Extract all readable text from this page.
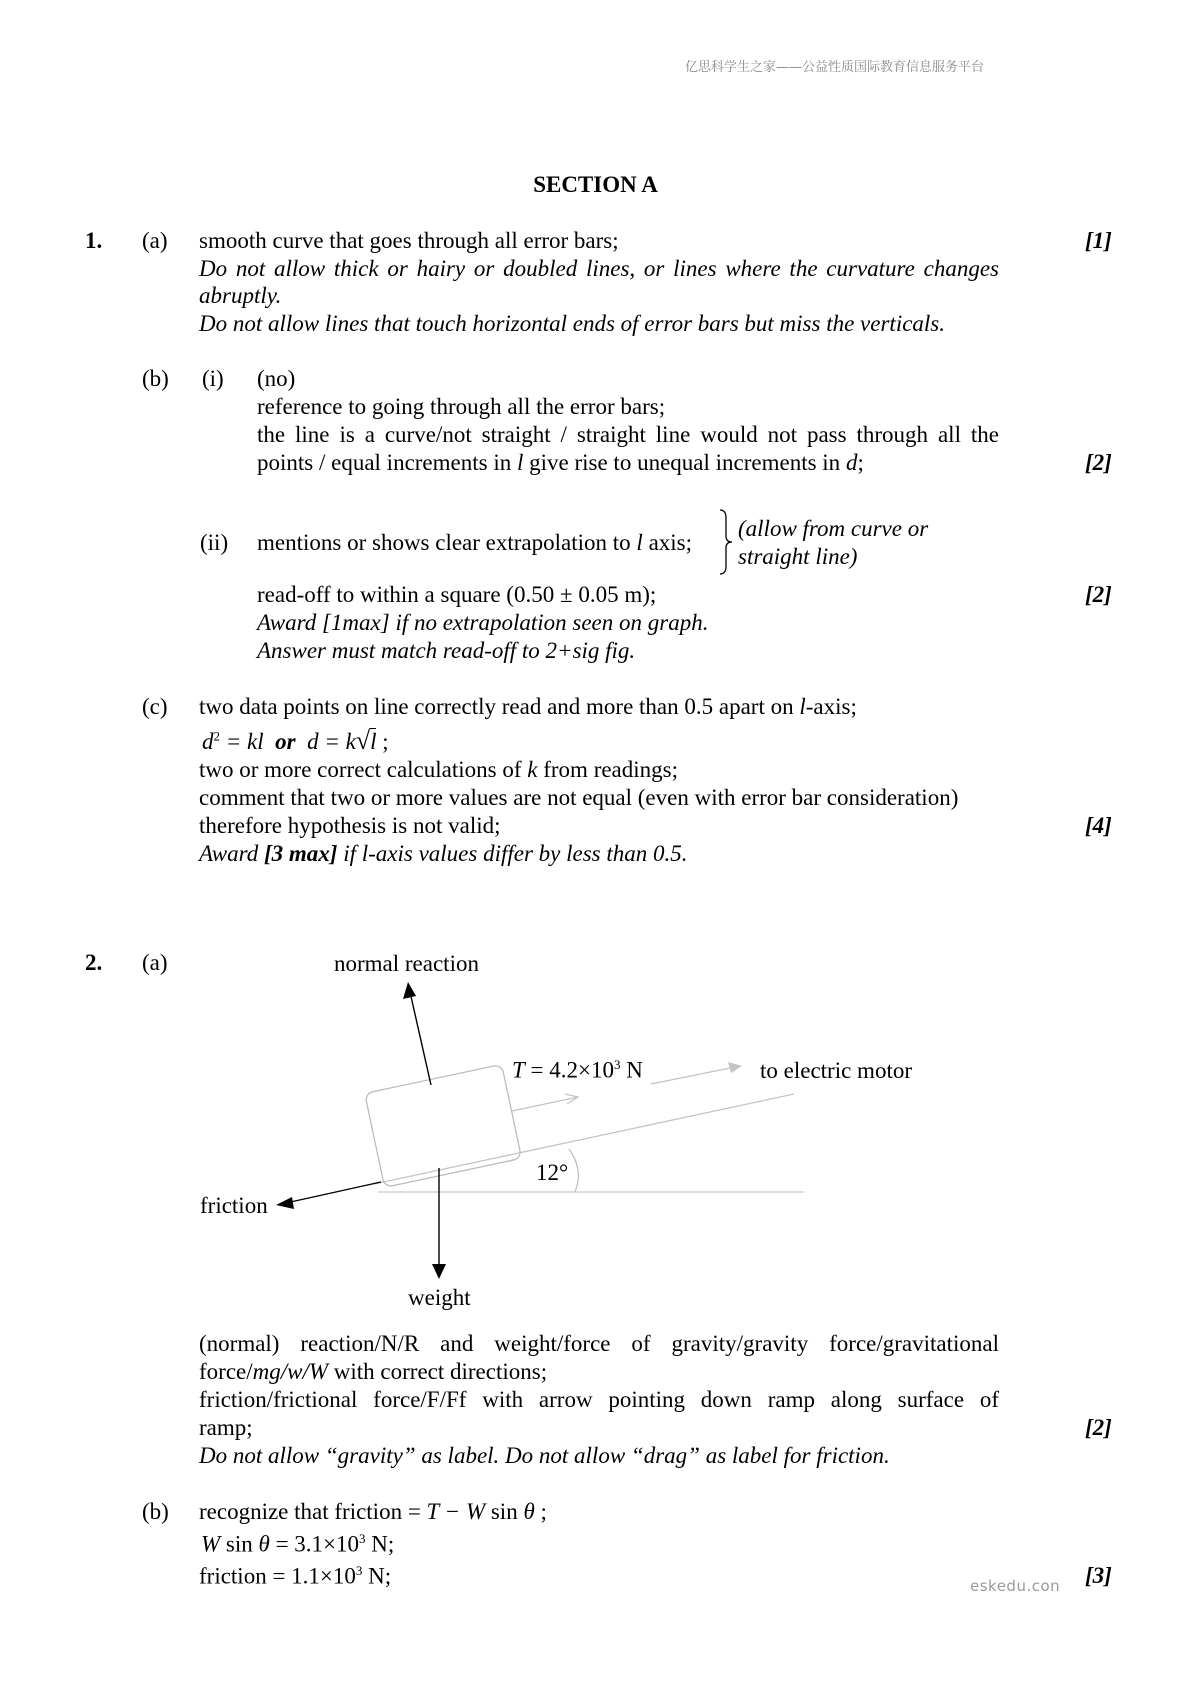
亿思科学生之家——公益性质国际教育信息服务平台
SECTION A
1. (a) smooth curve that goes through all error bars;	[1]
Do not allow thick or hairy or doubled lines, or lines where the curvature changes
abruptly.
Do not allow lines that touch horizontal ends of error bars but miss the verticals.
(b) (i) (no)
reference to going through all the error bars;
the line is a curve/not straight / straight line would not pass through all the
points / equal increments in l give rise to unequal increments in d;	[2]
(ii) mentions or shows clear extrapolation to l axis;
(allow from curve or
straight line)
read-off to within a square (0.50 ± 0.05 m);	[2]
Award [1max] if no extrapolation seen on graph.
Answer must match read-off to 2+sig fig.
(c) two data points on line correctly read and more than 0.5 apart on l-axis;
$d^2$ = kl or d = k√l ;
two or more correct calculations of k from readings;
comment that two or more values are not equal (even with error bar consideration)
therefore hypothesis is not valid;	[4]
Award [3 max] if l-axis values differ by less than 0.5.
2. (a)	normal reaction
$T = 4.2\times 10^3$ N	to electric motor
12°
friction
weight
(normal) reaction/N/R and weight/force of gravity/gravity force/gravitational
force/mg/w/W with correct directions;
friction/frictional force/F/Ff with arrow pointing down ramp along surface of
ramp;	[2]
Do not allow “gravity” as label. Do not allow “drag” as label for friction.
(b) recognize that friction = T − W sin θ ;
W $\sin \theta = 3.1\times 10^3$ N;
friction = $1.1\times 10^3$ N;	[3]
eskedu.con
